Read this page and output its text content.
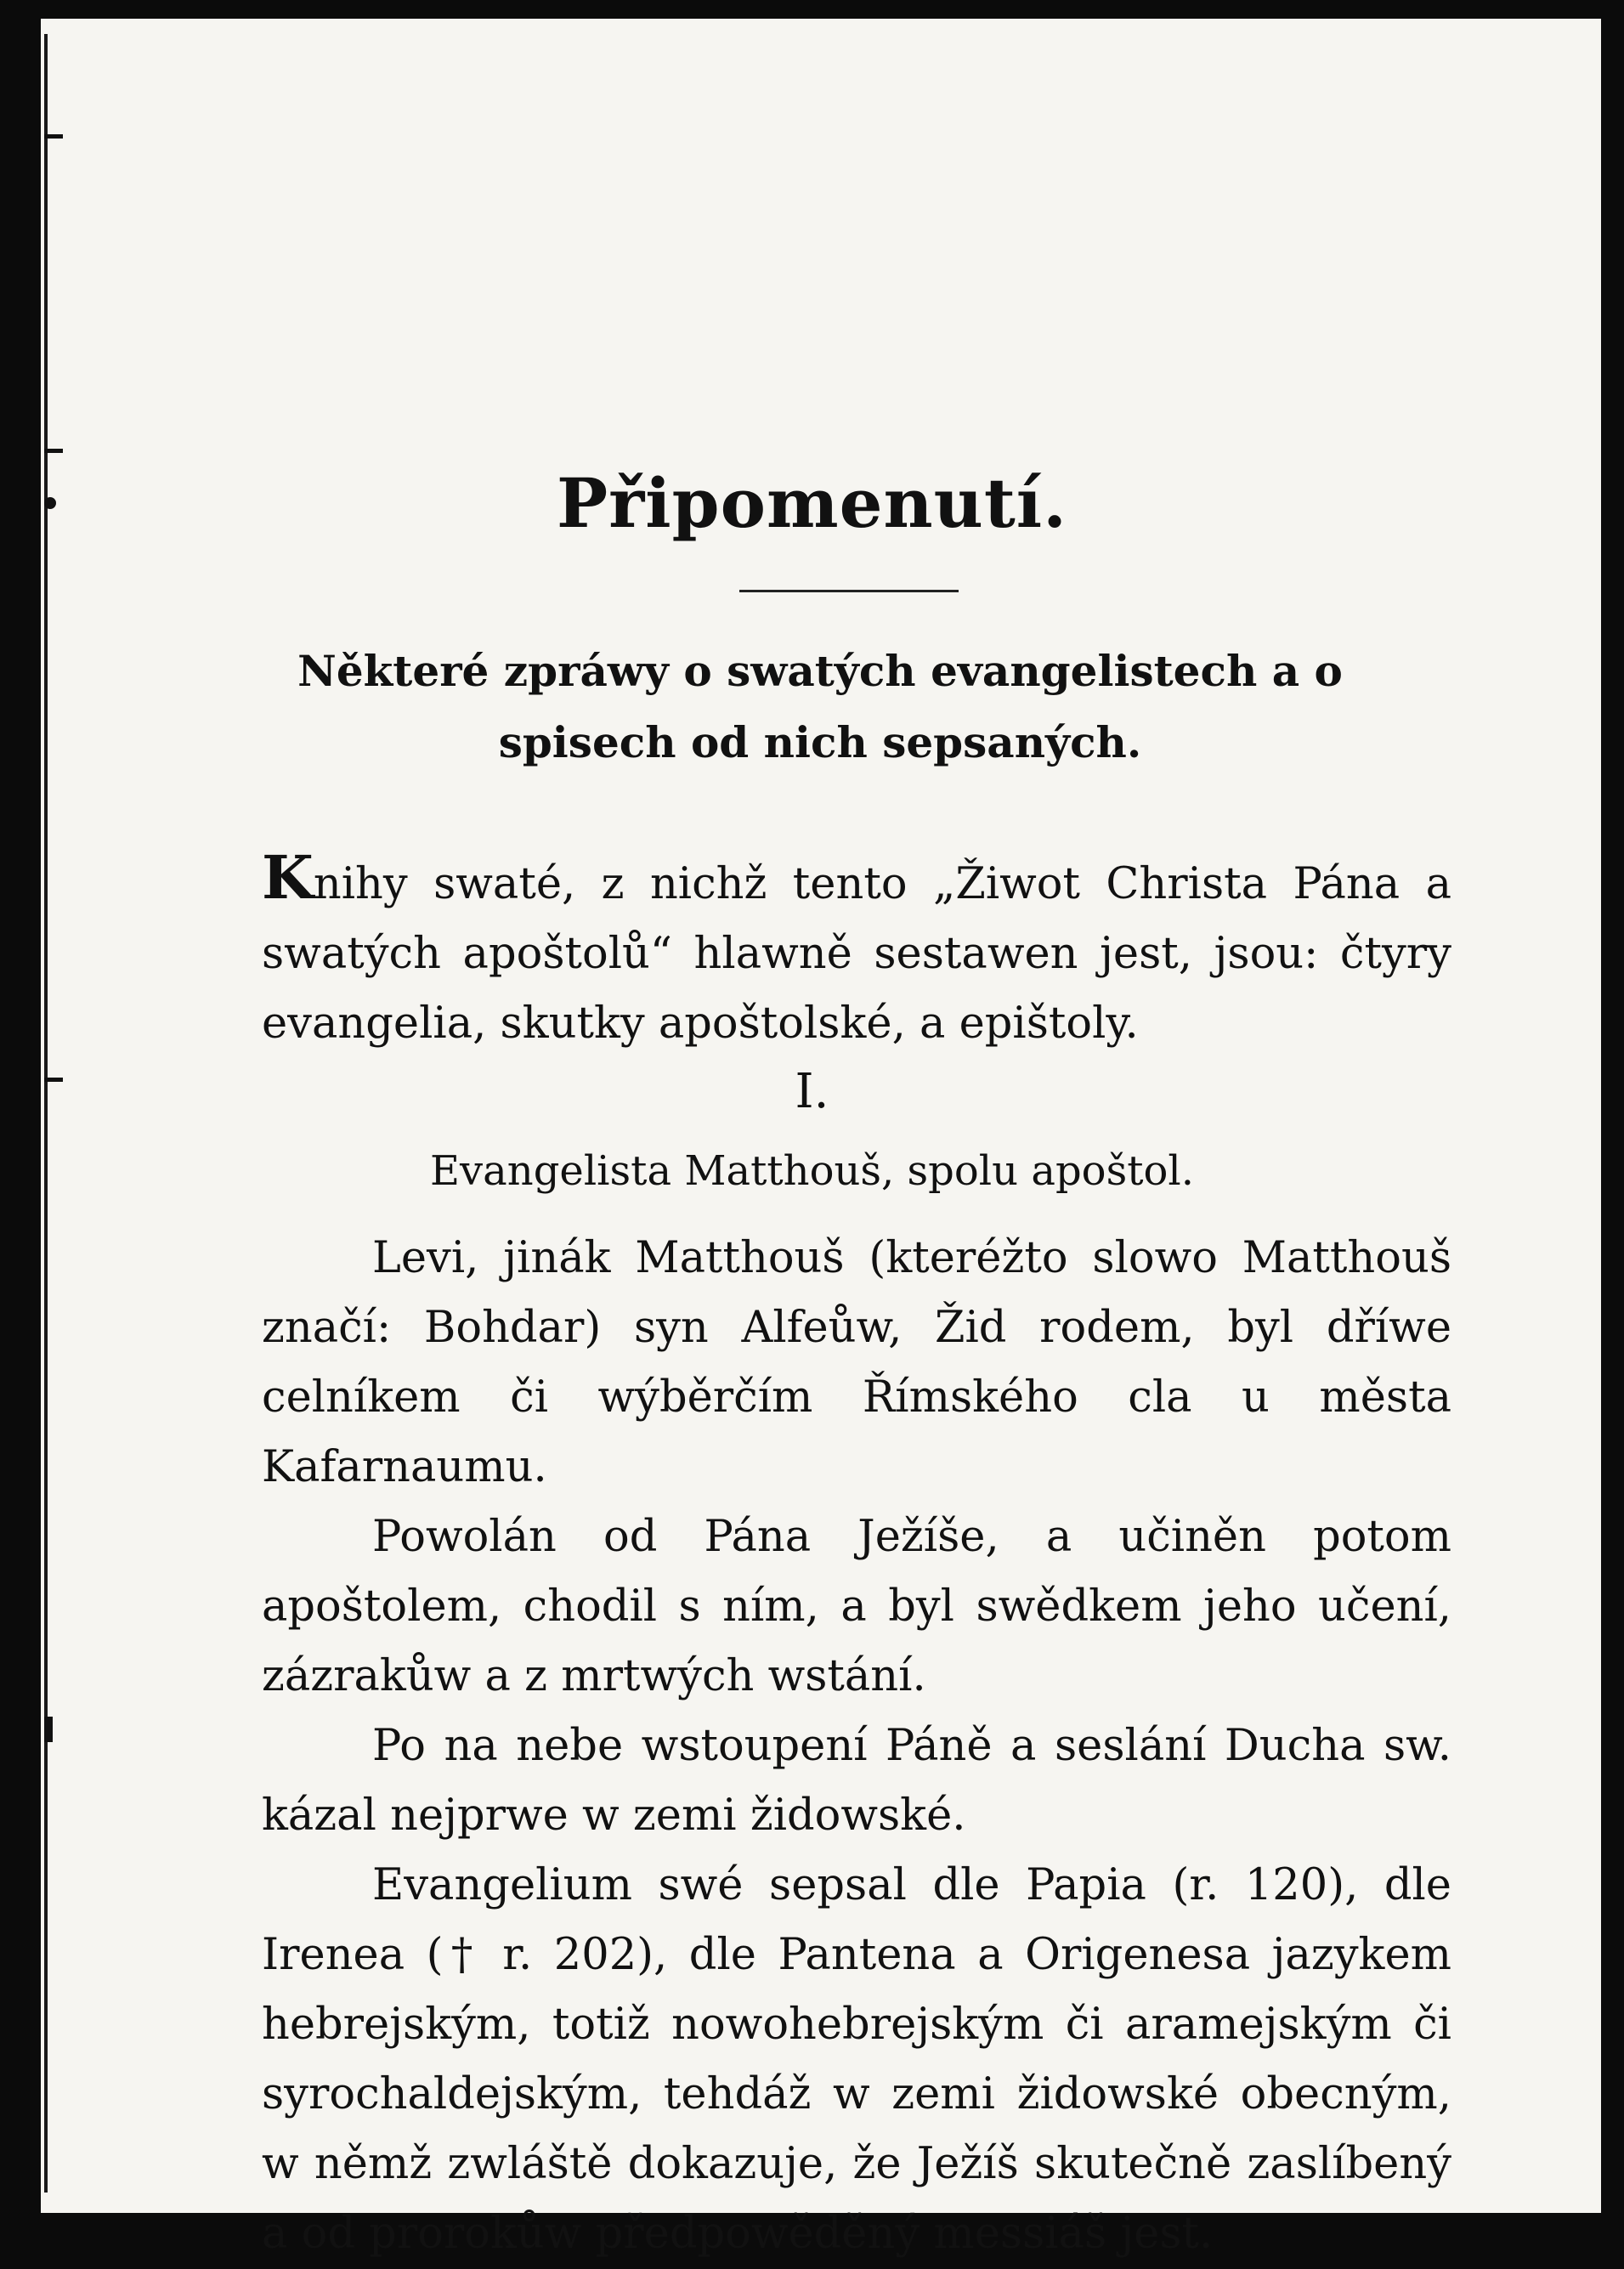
Připomenutí.
Některé zpráwy o swatých evangelistech a o spisech od nich sepsaných.
Knihy swaté, z nichž tento „Žiwot Christa Pána a swatých apoštolů“ hlawně sestawen jest, jsou: čtyry evangelia, skutky apoštolské, a epištoly.
I.
Evangelista Matthouš, spolu apoštol.

Levi, jinák Matthouš (kteréžto slowo Matthouš značí: Bohdar) syn Alfeůw, Žid rodem, byl dříwe celníkem či wýběrčím Římského cla u města Kafarnaumu.

Powolán od Pána Ježíše, a učiněn potom apoštolem, chodil s ním, a byl swědkem jeho učení, zázrakůw a z mrtwých wstání.

Po na nebe wstoupení Páně a seslání Ducha sw. kázal nejprwe w zemi židowské.

Evangelium swé sepsal dle Papia (r. 120), dle Irenea († r. 202), dle Pantena a Origenesa jazykem hebrejským, totiž nowohebrejským či aramejským či syrochaldejským, tehdáž w zemi židowské obecným, w němž zwláště dokazuje, že Ježíš skutečně zaslíbený a od prorokůw předpowěděný messiáš jest.
